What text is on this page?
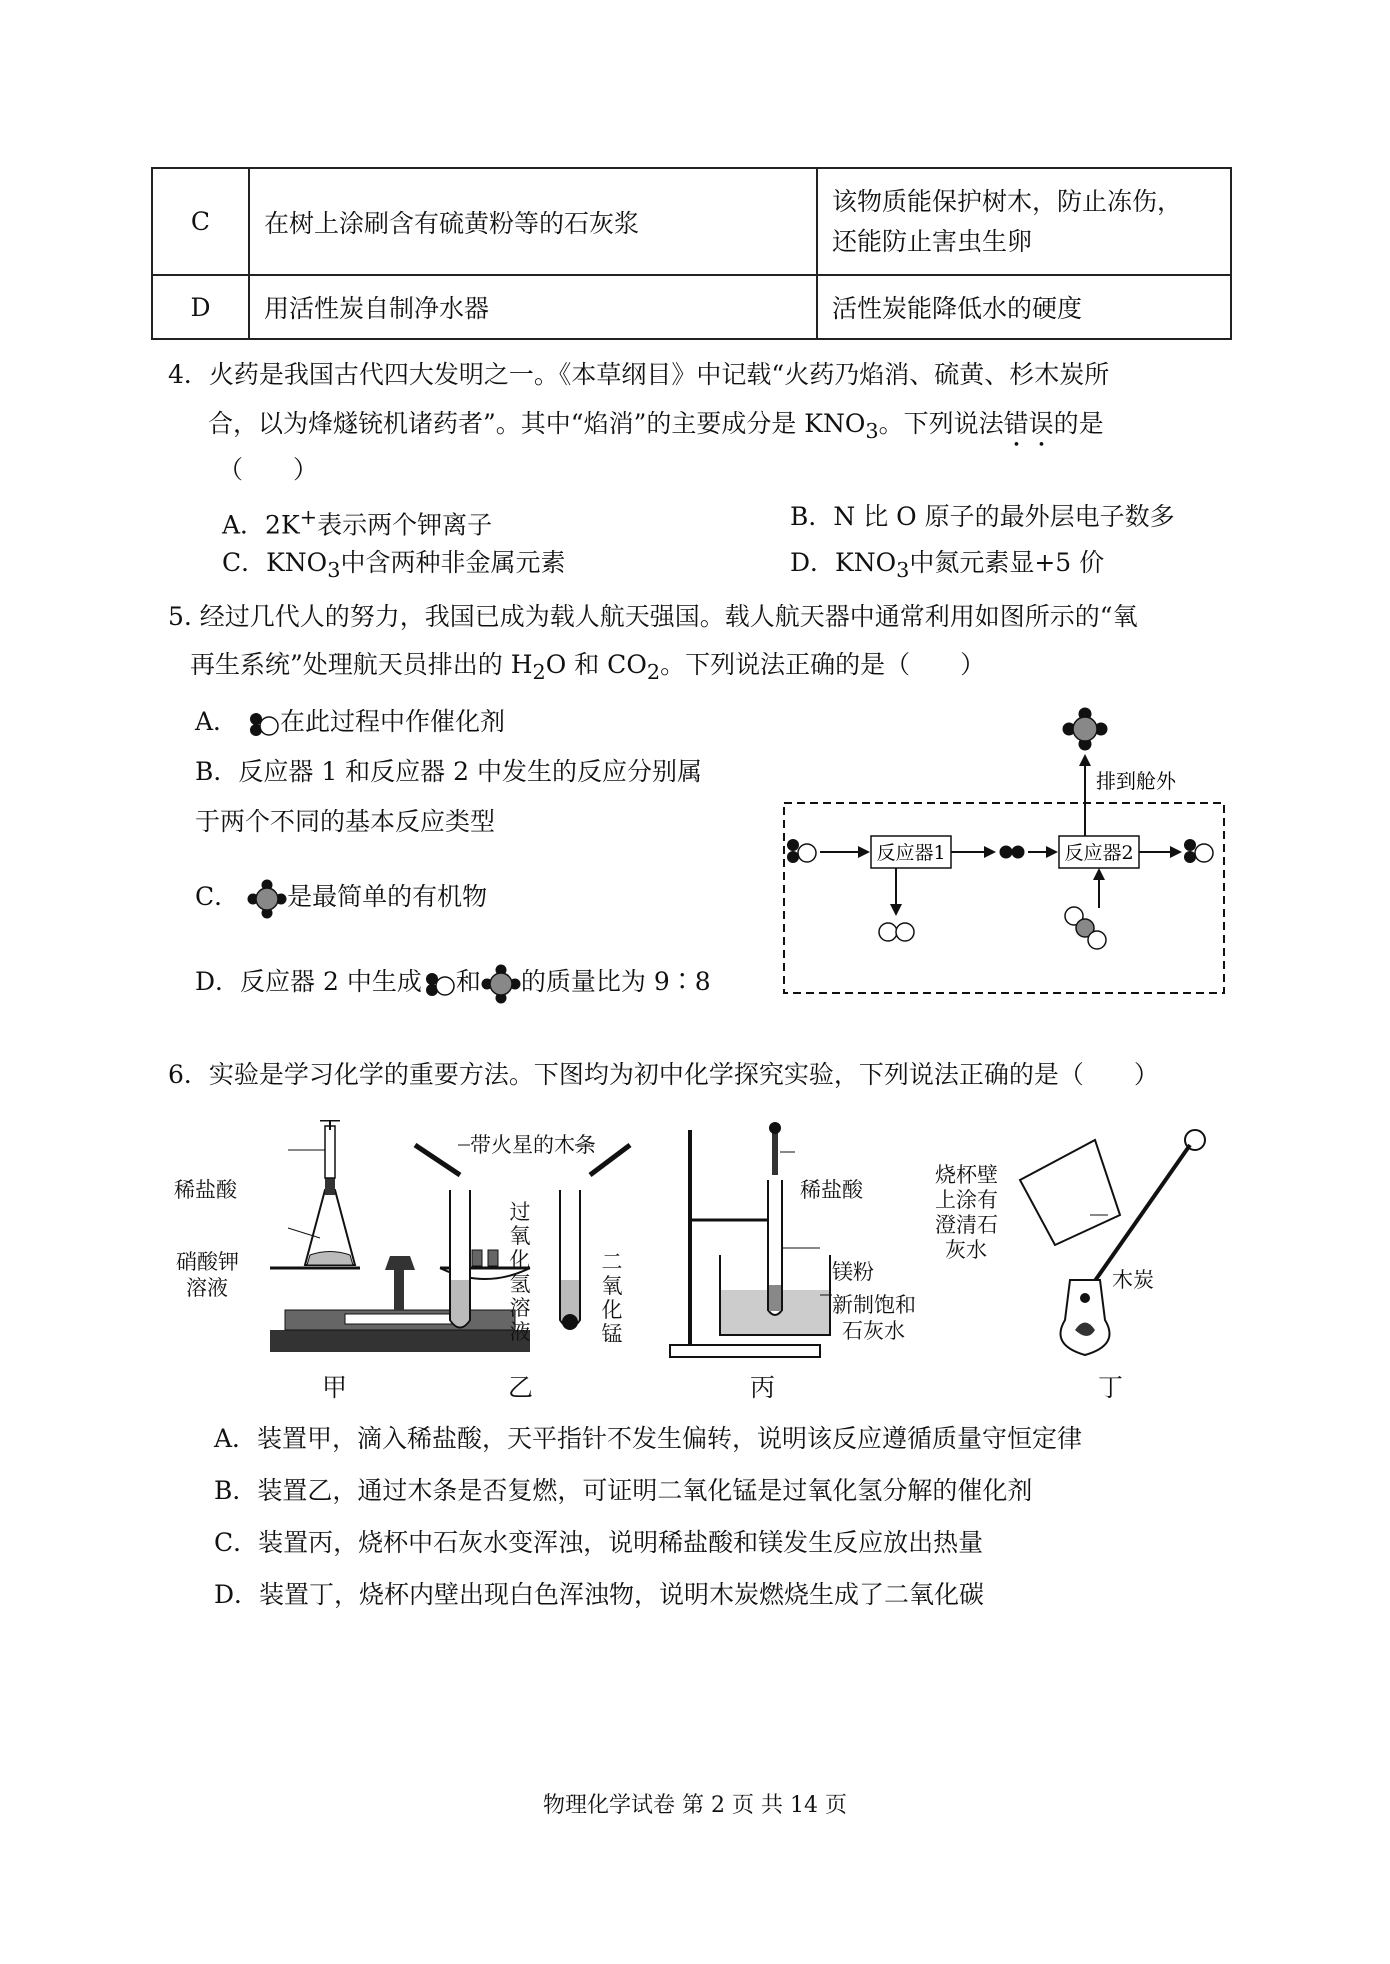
C	在树上涂刷含有硫黄粉等的石灰浆	该物质能保护树木，防止冻伤，
还能防止害虫生卵

D	用活性炭自制净水器	活性炭能降低水的硬度
4．火药是我国古代四大发明之一。《本草纲目》中记载“火药乃焰消、硫黄、杉木炭所
合，以为烽燧铳机诸药者”。其中“焰消”的主要成分是 $KNO_3$。下列说法错误的是
（　　）
A．2K+表示两个钾离子	B．N 比 O 原子的最外层电子数多
C．$KNO_3$中含两种非金属元素	D．$KNO_3$中氮元素显+5 价
5. 经过几代人的努力，我国已成为载人航天强国。载人航天器中通常利用如图所示的“氧
再生系统”处理航天员排出的 $H_2O$ 和 $CO_2$。下列说法正确的是（　　）
A． 在此过程中作催化剂
B．反应器 1 和反应器 2 中发生的反应分别属
于两个不同的基本反应类型
C． 是最简单的有机物
D．反应器 2 中生成 和 的质量比为 9∶8
排到舱外
反应器1	反应器2
6．实验是学习化学的重要方法。下图均为初中化学探究实验，下列说法正确的是（　　）
稀盐酸
硝酸钾
溶液
带火星的木条
过氧化氢溶液
二氧化锰
稀盐酸
镁粉
新制饱和
石灰水
烧杯壁
上涂有
澄清石
灰水
木炭
甲	乙	丙	丁
A．装置甲，滴入稀盐酸，天平指针不发生偏转，说明该反应遵循质量守恒定律
B．装置乙，通过木条是否复燃，可证明二氧化锰是过氧化氢分解的催化剂
C．装置丙，烧杯中石灰水变浑浊，说明稀盐酸和镁发生反应放出热量
D．装置丁，烧杯内壁出现白色浑浊物，说明木炭燃烧生成了二氧化碳
物理化学试卷 第 2 页 共 14 页
